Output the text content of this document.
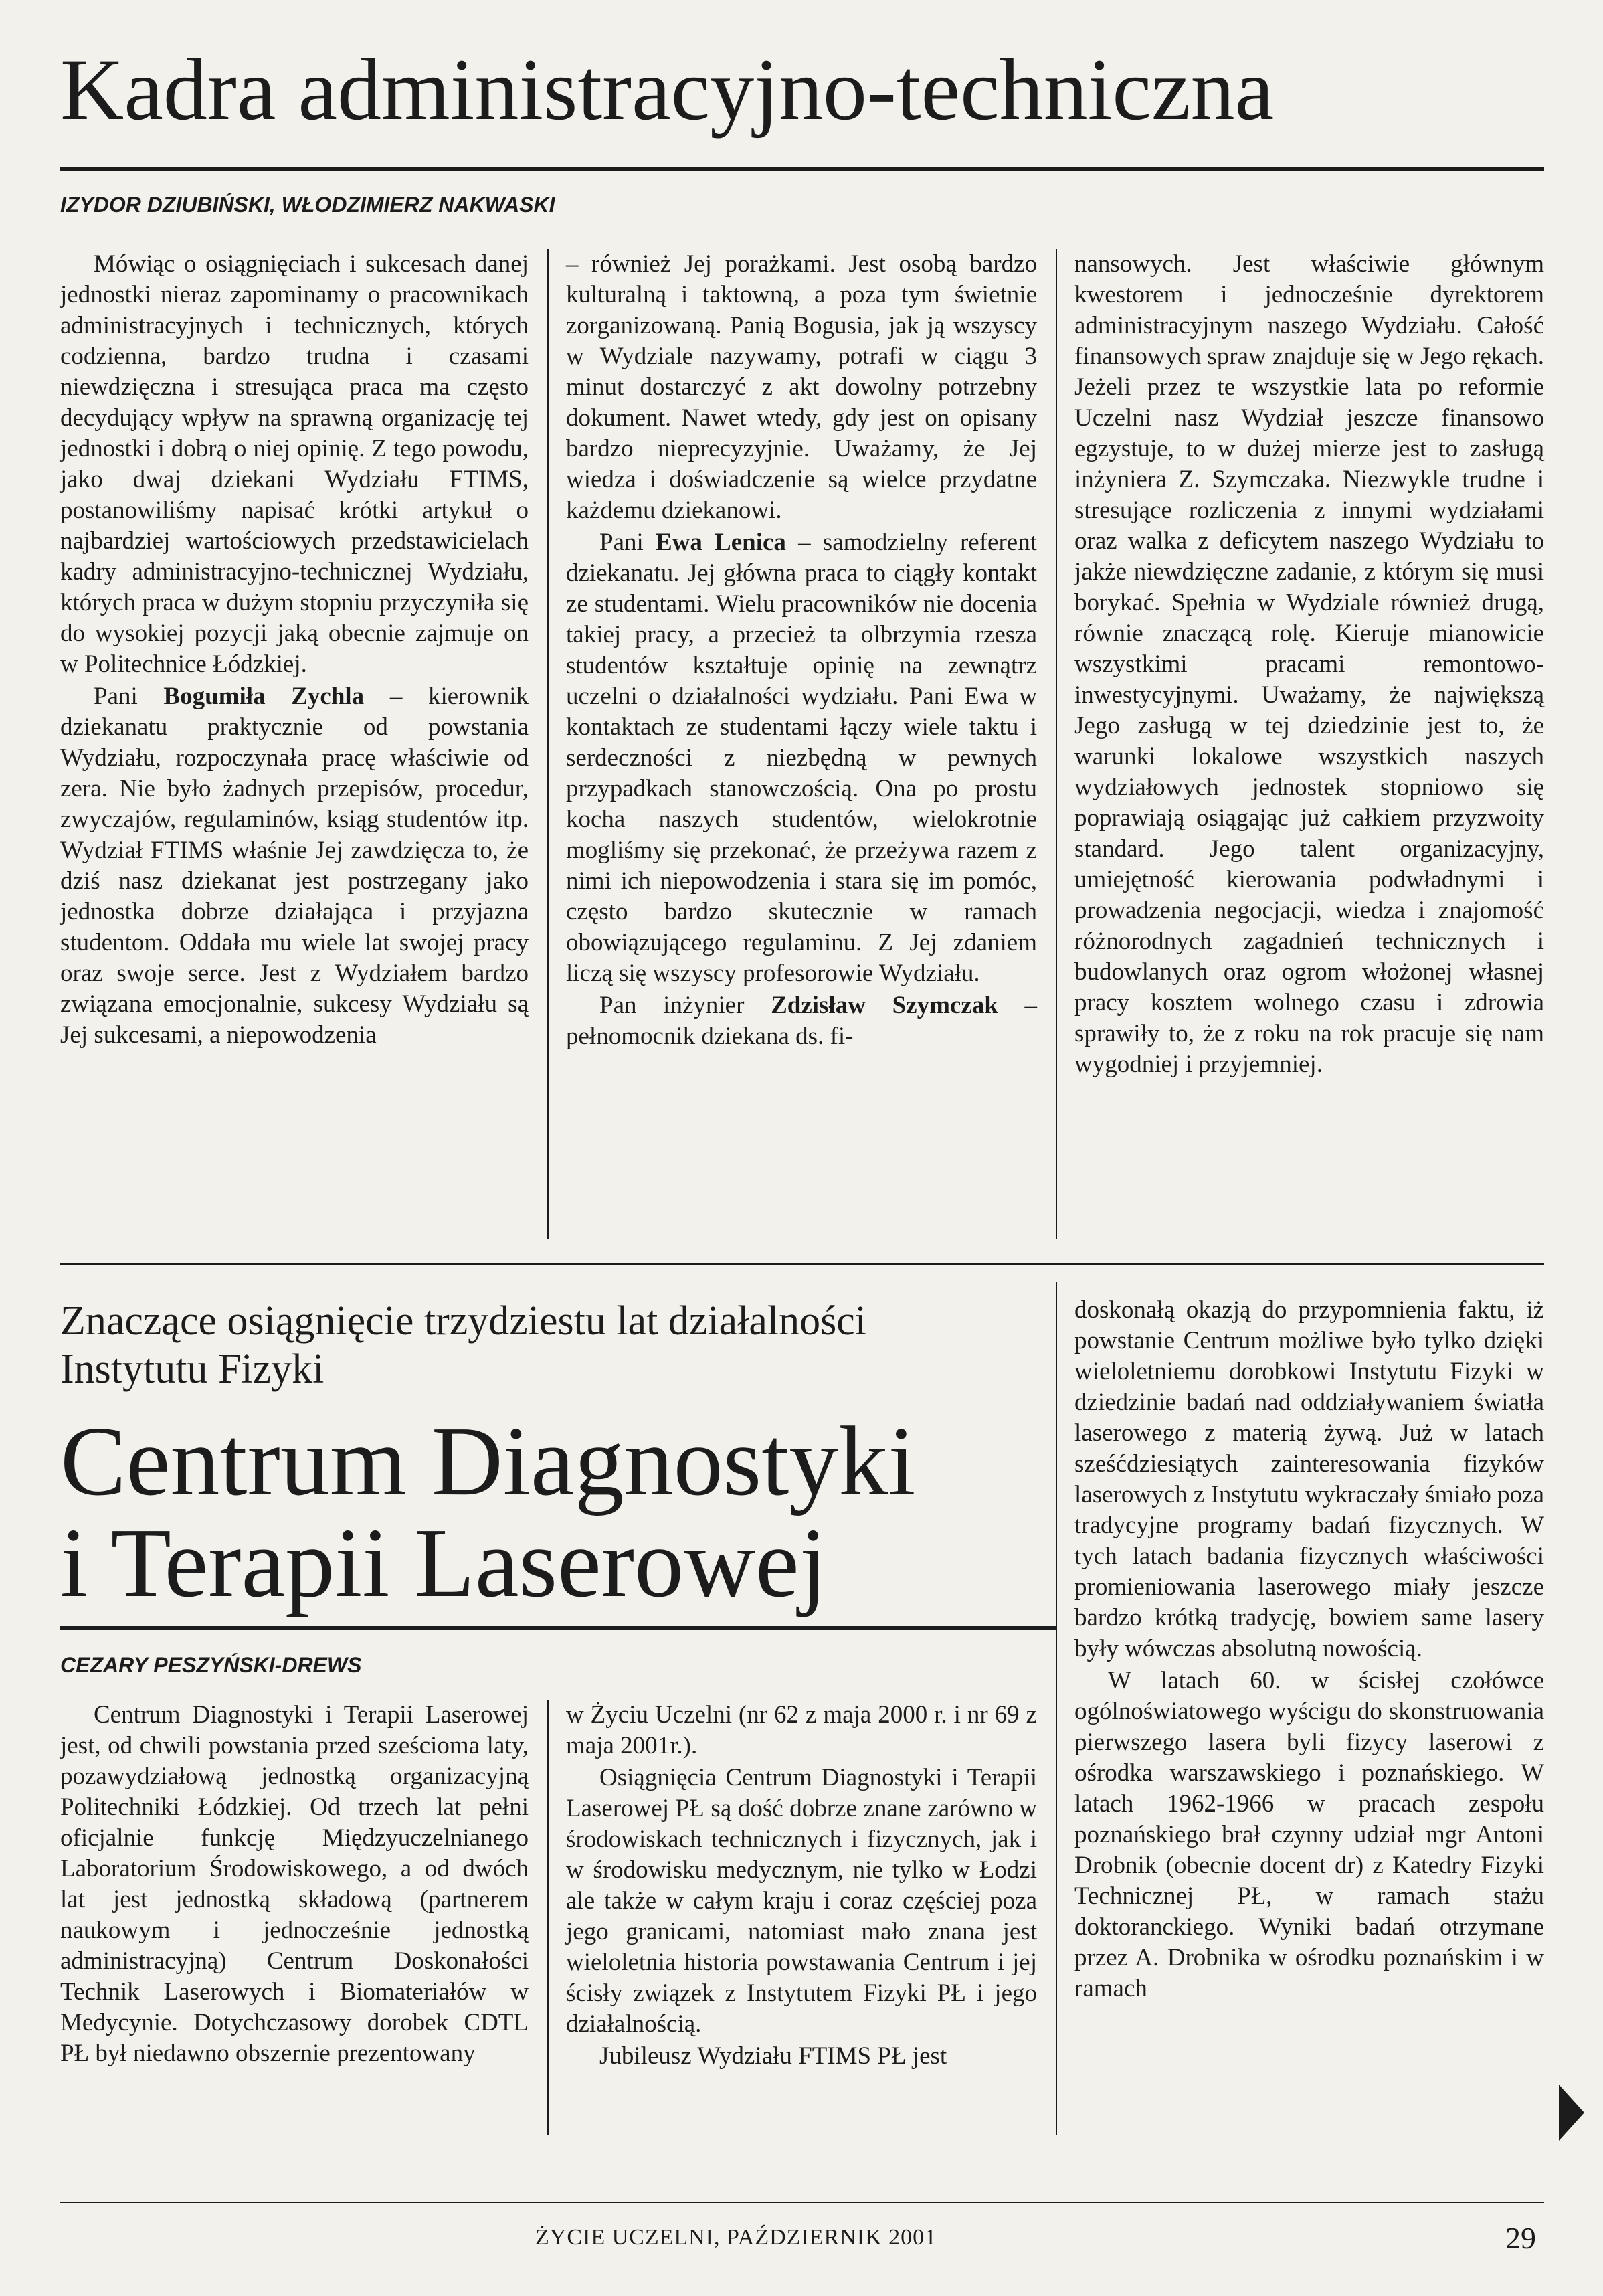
Kadra administracyjno-techniczna
IZYDOR DZIUBIŃSKI, WŁODZIMIERZ NAKWASKI

Mówiąc o osiągnięciach i sukcesach danej jednostki nieraz zapominamy o pracownikach administracyjnych i technicznych, których codzienna, bardzo trudna i czasami niewdzięczna i stresująca praca ma często decydujący wpływ na sprawną organizację tej jednostki i dobrą o niej opinię. Z tego powodu, jako dwaj dziekani Wydziału FTIMS, postanowiliśmy napisać krótki artykuł o najbardziej wartościowych przedstawicielach kadry administracyjno-technicznej Wydziału, których praca w dużym stopniu przyczyniła się do wysokiej pozycji jaką obecnie zajmuje on w Politechnice Łódzkiej.

Pani Bogumiła Zychla – kierownik dziekanatu praktycznie od powstania Wydziału, rozpoczynała pracę właściwie od zera. Nie było żadnych przepisów, procedur, zwyczajów, regulaminów, ksiąg studentów itp. Wydział FTIMS właśnie Jej zawdzięcza to, że dziś nasz dziekanat jest postrzegany jako jednostka dobrze działająca i przyjazna studentom. Oddała mu wiele lat swojej pracy oraz swoje serce. Jest z Wydziałem bardzo związana emocjonalnie, sukcesy Wydziału są Jej sukcesami, a niepowodzenia

– również Jej porażkami. Jest osobą bardzo kulturalną i taktowną, a poza tym świetnie zorganizowaną. Panią Bogusia, jak ją wszyscy w Wydziale nazywamy, potrafi w ciągu 3 minut dostarczyć z akt dowolny potrzebny dokument. Nawet wtedy, gdy jest on opisany bardzo nieprecyzyjnie. Uważamy, że Jej wiedza i doświadczenie są wielce przydatne każdemu dziekanowi.

Pani Ewa Lenica – samodzielny referent dziekanatu. Jej główna praca to ciągły kontakt ze studentami. Wielu pracowników nie docenia takiej pracy, a przecież ta olbrzymia rzesza studentów kształtuje opinię na zewnątrz uczelni o działalności wydziału. Pani Ewa w kontaktach ze studentami łączy wiele taktu i serdeczności z niezbędną w pewnych przypadkach stanowczością. Ona po prostu kocha naszych studentów, wielokrotnie mogliśmy się przekonać, że przeżywa razem z nimi ich niepowodzenia i stara się im pomóc, często bardzo skutecznie w ramach obowiązującego regulaminu. Z Jej zdaniem liczą się wszyscy profesorowie Wydziału.

Pan inżynier Zdzisław Szymczak – pełnomocnik dziekana ds. fi-

nansowych. Jest właściwie głównym kwestorem i jednocześnie dyrektorem administracyjnym naszego Wydziału. Całość finansowych spraw znajduje się w Jego rękach. Jeżeli przez te wszystkie lata po reformie Uczelni nasz Wydział jeszcze finansowo egzystuje, to w dużej mierze jest to zasługą inżyniera Z. Szymczaka. Niezwykle trudne i stresujące rozliczenia z innymi wydziałami oraz walka z deficytem naszego Wydziału to jakże niewdzięczne zadanie, z którym się musi borykać. Spełnia w Wydziale również drugą, równie znaczącą rolę. Kieruje mianowicie wszystkimi pracami remontowo-inwestycyjnymi. Uważamy, że największą Jego zasługą w tej dziedzinie jest to, że warunki lokalowe wszystkich naszych wydziałowych jednostek stopniowo się poprawiają osiągając już całkiem przyzwoity standard. Jego talent organizacyjny, umiejętność kierowania podwładnymi i prowadzenia negocjacji, wiedza i znajomość różnorodnych zagadnień technicznych i budowlanych oraz ogrom włożonej własnej pracy kosztem wolnego czasu i zdrowia sprawiły to, że z roku na rok pracuje się nam wygodniej i przyjemniej.

Znaczące osiągnięcie trzydziestu lat działalności
Instytutu Fizyki
Centrum Diagnostyki
i Terapii Laserowej
CEZARY PESZYŃSKI-DREWS

Centrum Diagnostyki i Terapii Laserowej jest, od chwili powstania przed sześcioma laty, pozawydziałową jednostką organizacyjną Politechniki Łódzkiej. Od trzech lat pełni oficjalnie funkcję Międzyuczelnianego Laboratorium Środowiskowego, a od dwóch lat jest jednostką składową (partnerem naukowym i jednocześnie jednostką administracyjną) Centrum Doskonałości Technik Laserowych i Biomateriałów w Medycynie. Dotychczasowy dorobek CDTL PŁ był niedawno obszernie prezentowany

w Życiu Uczelni (nr 62 z maja 2000 r. i nr 69 z maja 2001r.).

Osiągnięcia Centrum Diagnostyki i Terapii Laserowej PŁ są dość dobrze znane zarówno w środowiskach technicznych i fizycznych, jak i w środowisku medycznym, nie tylko w Łodzi ale także w całym kraju i coraz częściej poza jego granicami, natomiast mało znana jest wieloletnia historia powstawania Centrum i jej ścisły związek z Instytutem Fizyki PŁ i jego działalnością.

Jubileusz Wydziału FTIMS PŁ jest

doskonałą okazją do przypomnienia faktu, iż powstanie Centrum możliwe było tylko dzięki wieloletniemu dorobkowi Instytutu Fizyki w dziedzinie badań nad oddziaływaniem światła laserowego z materią żywą. Już w latach sześćdziesiątych zainteresowania fizyków laserowych z Instytutu wykraczały śmiało poza tradycyjne programy badań fizycznych. W tych latach badania fizycznych właściwości promieniowania laserowego miały jeszcze bardzo krótką tradycję, bowiem same lasery były wówczas absolutną nowością.

W latach 60. w ścisłej czołówce ogólnoświatowego wyścigu do skonstruowania pierwszego lasera byli fizycy laserowi z ośrodka warszawskiego i poznańskiego. W latach 1962-1966 w pracach zespołu poznańskiego brał czynny udział mgr Antoni Drobnik (obecnie docent dr) z Katedry Fizyki Technicznej PŁ, w ramach stażu doktoranckiego. Wyniki badań otrzymane przez A. Drobnika w ośrodku poznańskim i w ramach

ŻYCIE UCZELNI, PAŹDZIERNIK 2001	29
